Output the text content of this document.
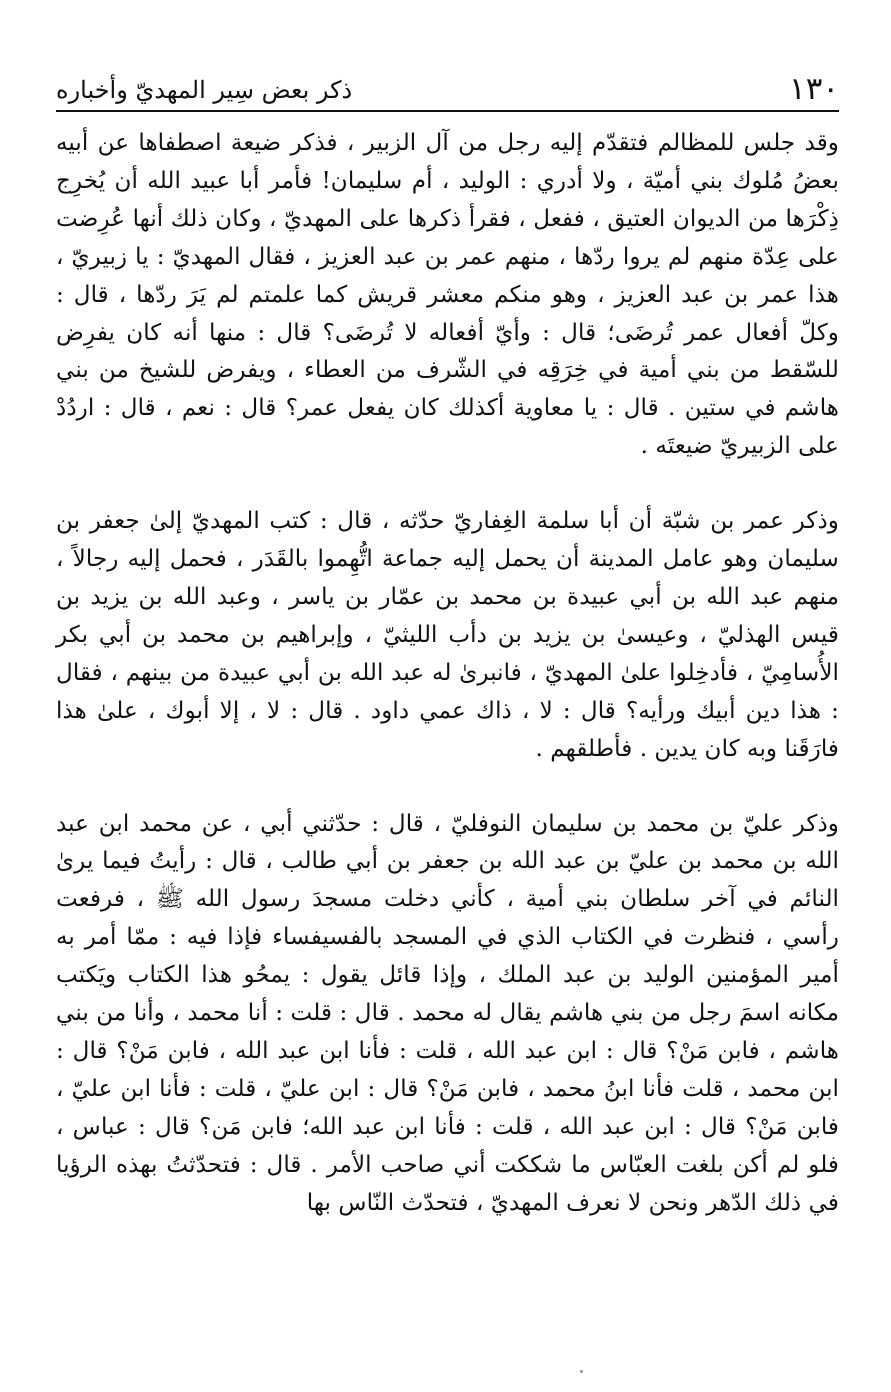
١٣٠
ذكر بعض سِير المهديّ وأخباره

وقد جلس للمظالم فتقدّم إليه رجل من آل الزبير ، فذكر ضيعة اصطفاها عن أبيه بعضُ مُلوك بني أميّة ، ولا أدري : الوليد ، أم سليمان! فأمر أبا عبيد الله أن يُخرِج ذِكْرَها من الديوان العتيق ، ففعل ، فقرأ ذكرها على المهديّ ، وكان ذلك أنها عُرِضت على عِدّة منهم لم يروا ردّها ، منهم عمر بن عبد العزيز ، فقال المهديّ : يا زبيريّ ، هذا عمر بن عبد العزيز ، وهو منكم معشر قريش كما علمتم لم يَرَ ردّها ، قال : وكلّ أفعال عمر تُرضَى؛ قال : وأيّ أفعاله لا تُرضَى؟ قال : منها أنه كان يفرِض للسّقط من بني أمية في خِرَقِه في الشّرف من العطاء ، ويفرض للشيخ من بني هاشم في ستين . قال : يا معاوية أكذلك كان يفعل عمر؟ قال : نعم ، قال : اردُدْ على الزبيريّ ضيعتَه .

وذكر عمر بن شبّة أن أبا سلمة الغِفاريّ حدّثه ، قال : كتب المهديّ إلىٰ جعفر بن سليمان وهو عامل المدينة أن يحمل إليه جماعة اتُّهِموا بالقَدَر ، فحمل إليه رجالاً ، منهم عبد الله بن أبي عبيدة بن محمد بن عمّار بن ياسر ، وعبد الله بن يزيد بن قيس الهذليّ ، وعيسىٰ بن يزيد بن دأب الليثيّ ، وإبراهيم بن محمد بن أبي بكر الأُسامِيّ ، فأدخِلوا علىٰ المهديّ ، فانبرىٰ له عبد الله بن أبي عبيدة من بينهم ، فقال : هذا دين أبيك ورأيه؟ قال : لا ، ذاك عمي داود . قال : لا ، إلا أبوك ، علىٰ هذا فارَقَنا وبه كان يدين . فأطلقهم .

وذكر عليّ بن محمد بن سليمان النوفليّ ، قال : حدّثني أبي ، عن محمد ابن عبد الله بن محمد بن عليّ بن عبد الله بن جعفر بن أبي طالب ، قال : رأيتُ فيما يرىٰ النائم في آخر سلطان بني أمية ، كأني دخلت مسجدَ رسول الله ﷺ ، فرفعت رأسي ، فنظرت في الكتاب الذي في المسجد بالفسيفساء فإذا فيه : ممّا أمر به أمير المؤمنين الوليد بن عبد الملك ، وإذا قائل يقول : يمحُو هذا الكتاب ويَكتب مكانه اسمَ رجل من بني هاشم يقال له محمد . قال : قلت : أنا محمد ، وأنا من بني هاشم ، فابن مَنْ؟ قال : ابن عبد الله ، قلت : فأنا ابن عبد الله ، فابن مَنْ؟ قال : ابن محمد ، قلت فأنا ابنُ محمد ، فابن مَنْ؟ قال : ابن عليّ ، قلت : فأنا ابن عليّ ، فابن مَنْ؟ قال : ابن عبد الله ، قلت : فأنا ابن عبد الله؛ فابن مَن؟ قال : عباس ، فلو لم أكن بلغت العبّاس ما شككت أني صاحب الأمر . قال : فتحدّثتُ بهذه الرؤيا في ذلك الدّهر ونحن لا نعرف المهديّ ، فتحدّث النّاس بها
